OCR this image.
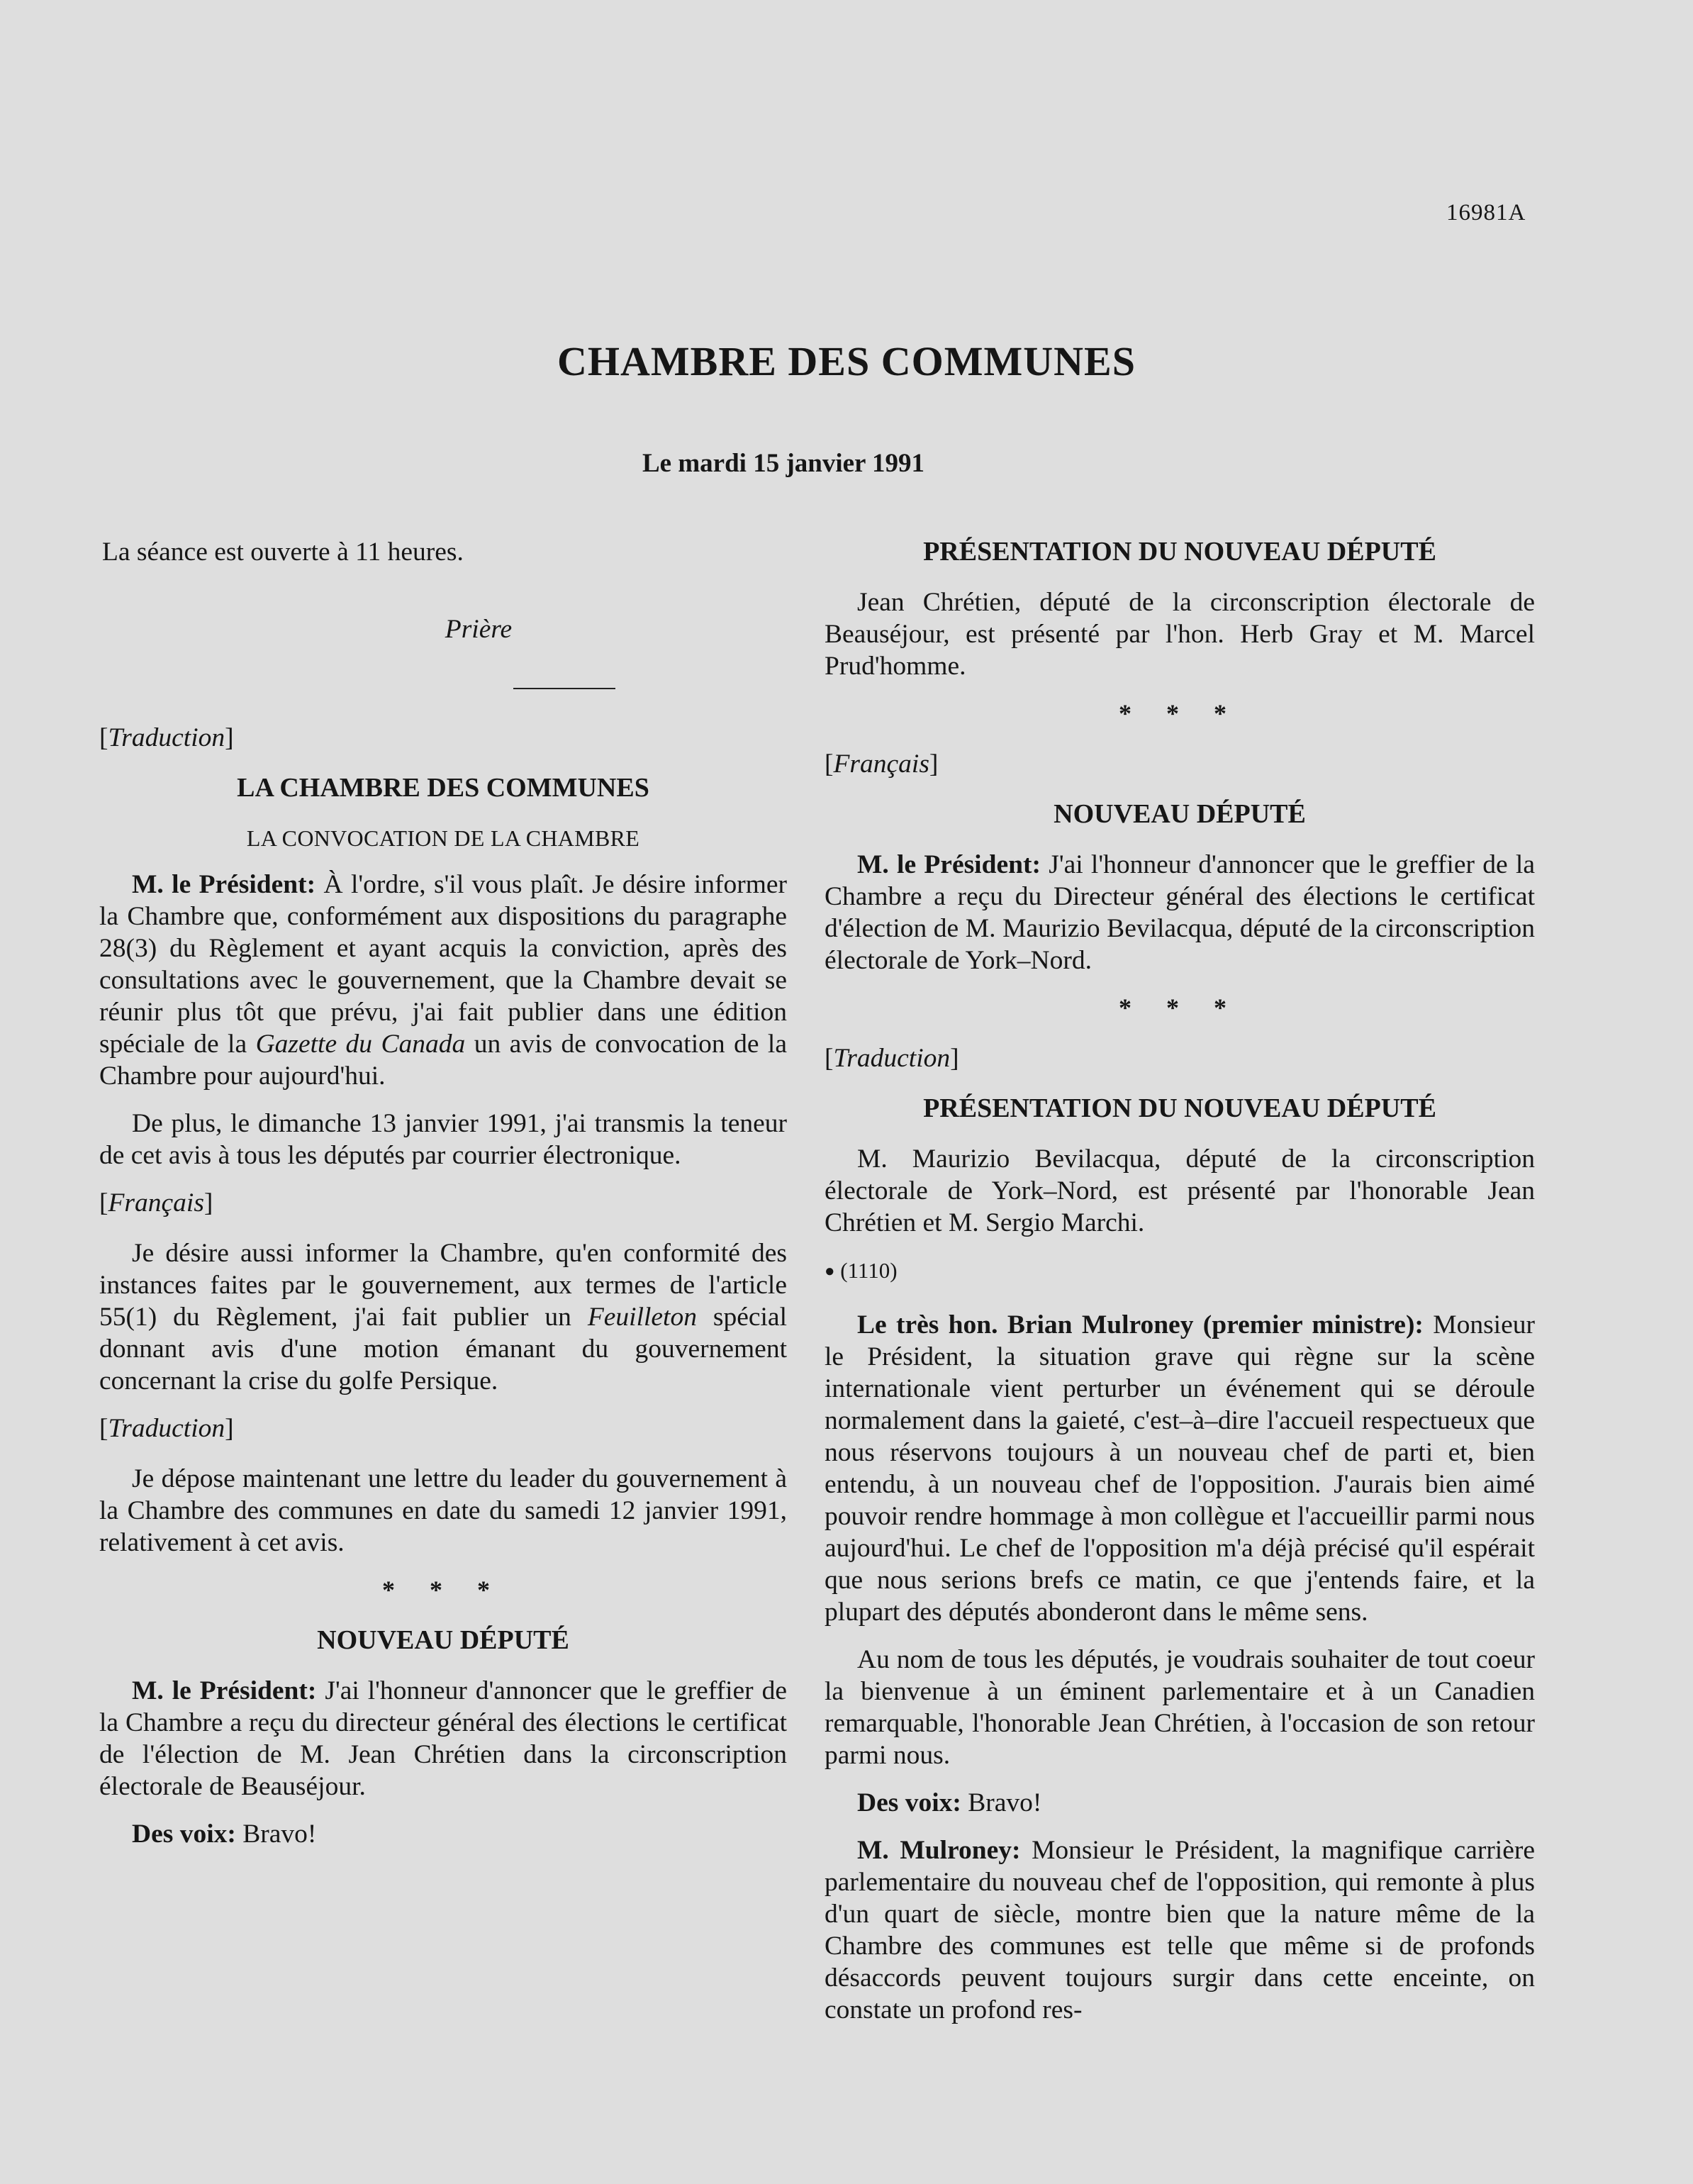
16981A
CHAMBRE DES COMMUNES
Le mardi 15 janvier 1991

La séance est ouverte à 11 heures.

Prière

[Traduction]

LA CHAMBRE DES COMMUNES

LA CONVOCATION DE LA CHAMBRE

M. le Président: À l'ordre, s'il vous plaît. Je désire informer la Chambre que, conformément aux dispositions du paragraphe 28(3) du Règlement et ayant acquis la conviction, après des consultations avec le gouvernement, que la Chambre devait se réunir plus tôt que prévu, j'ai fait publier dans une édition spéciale de la Gazette du Canada un avis de convocation de la Chambre pour aujourd'hui.

De plus, le dimanche 13 janvier 1991, j'ai transmis la teneur de cet avis à tous les députés par courrier électronique.

[Français]

Je désire aussi informer la Chambre, qu'en conformité des instances faites par le gouvernement, aux termes de l'article 55(1) du Règlement, j'ai fait publier un Feuilleton spécial donnant avis d'une motion émanant du gouvernement concernant la crise du golfe Persique.

[Traduction]

Je dépose maintenant une lettre du leader du gouvernement à la Chambre des communes en date du samedi 12 janvier 1991, relativement à cet avis.

* * *

NOUVEAU DÉPUTÉ

M. le Président: J'ai l'honneur d'annoncer que le greffier de la Chambre a reçu du directeur général des élections le certificat de l'élection de M. Jean Chrétien dans la circonscription électorale de Beauséjour.

Des voix: Bravo!

PRÉSENTATION DU NOUVEAU DÉPUTÉ

Jean Chrétien, député de la circonscription électorale de Beauséjour, est présenté par l'hon. Herb Gray et M. Marcel Prud'homme.

* * *

[Français]

NOUVEAU DÉPUTÉ

M. le Président: J'ai l'honneur d'annoncer que le greffier de la Chambre a reçu du Directeur général des élections le certificat d'élection de M. Maurizio Bevilacqua, député de la circonscription électorale de York–Nord.

* * *

[Traduction]

PRÉSENTATION DU NOUVEAU DÉPUTÉ

M. Maurizio Bevilacqua, député de la circonscription électorale de York–Nord, est présenté par l'honorable Jean Chrétien et M. Sergio Marchi.

● (1110)

Le très hon. Brian Mulroney (premier ministre): Monsieur le Président, la situation grave qui règne sur la scène internationale vient perturber un événement qui se déroule normalement dans la gaieté, c'est–à–dire l'accueil respectueux que nous réservons toujours à un nouveau chef de parti et, bien entendu, à un nouveau chef de l'opposition. J'aurais bien aimé pouvoir rendre hommage à mon collègue et l'accueillir parmi nous aujourd'hui. Le chef de l'opposition m'a déjà précisé qu'il espérait que nous serions brefs ce matin, ce que j'entends faire, et la plupart des députés abonderont dans le même sens.

Au nom de tous les députés, je voudrais souhaiter de tout coeur la bienvenue à un éminent parlementaire et à un Canadien remarquable, l'honorable Jean Chrétien, à l'occasion de son retour parmi nous.

Des voix: Bravo!

M. Mulroney: Monsieur le Président, la magnifique carrière parlementaire du nouveau chef de l'opposition, qui remonte à plus d'un quart de siècle, montre bien que la nature même de la Chambre des communes est telle que même si de profonds désaccords peuvent toujours surgir dans cette enceinte, on constate un profond res-
